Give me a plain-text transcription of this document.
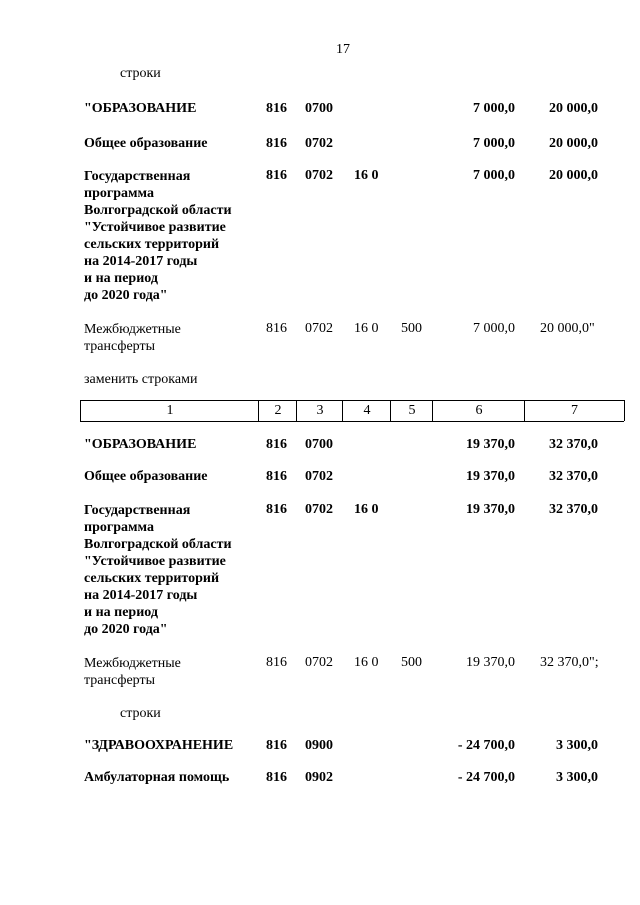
17
строки
"ОБРАЗОВАНИЕ	816 0700	7 000,0	20 000,0
Общее образование	816 0702	7 000,0	20 000,0
Государственная
программа
Волгоградской области
"Устойчивое развитие
сельских территорий
на 2014-2017 годы
и на период
до 2020 года"
816 0702 16 0	7 000,0	20 000,0
Межбюджетные
трансферты
816 0702 16 0 500	7 000,0 20 000,0"
заменить строками
1	2	3	4	5	6	7
"ОБРАЗОВАНИЕ	816 0700	19 370,0	32 370,0
Общее образование	816 0702	19 370,0	32 370,0
Государственная
программа
Волгоградской области
"Устойчивое развитие
сельских территорий
на 2014-2017 годы
и на период
до 2020 года"
816 0702 16 0	19 370,0	32 370,0
Межбюджетные
трансферты
816 0702 16 0 500	19 370,0 32 370,0";
строки
"ЗДРАВООХРАНЕНИЕ 816 0900	- 24 700,0	3 300,0
Амбулаторная помощь	816 0902	- 24 700,0	3 300,0
